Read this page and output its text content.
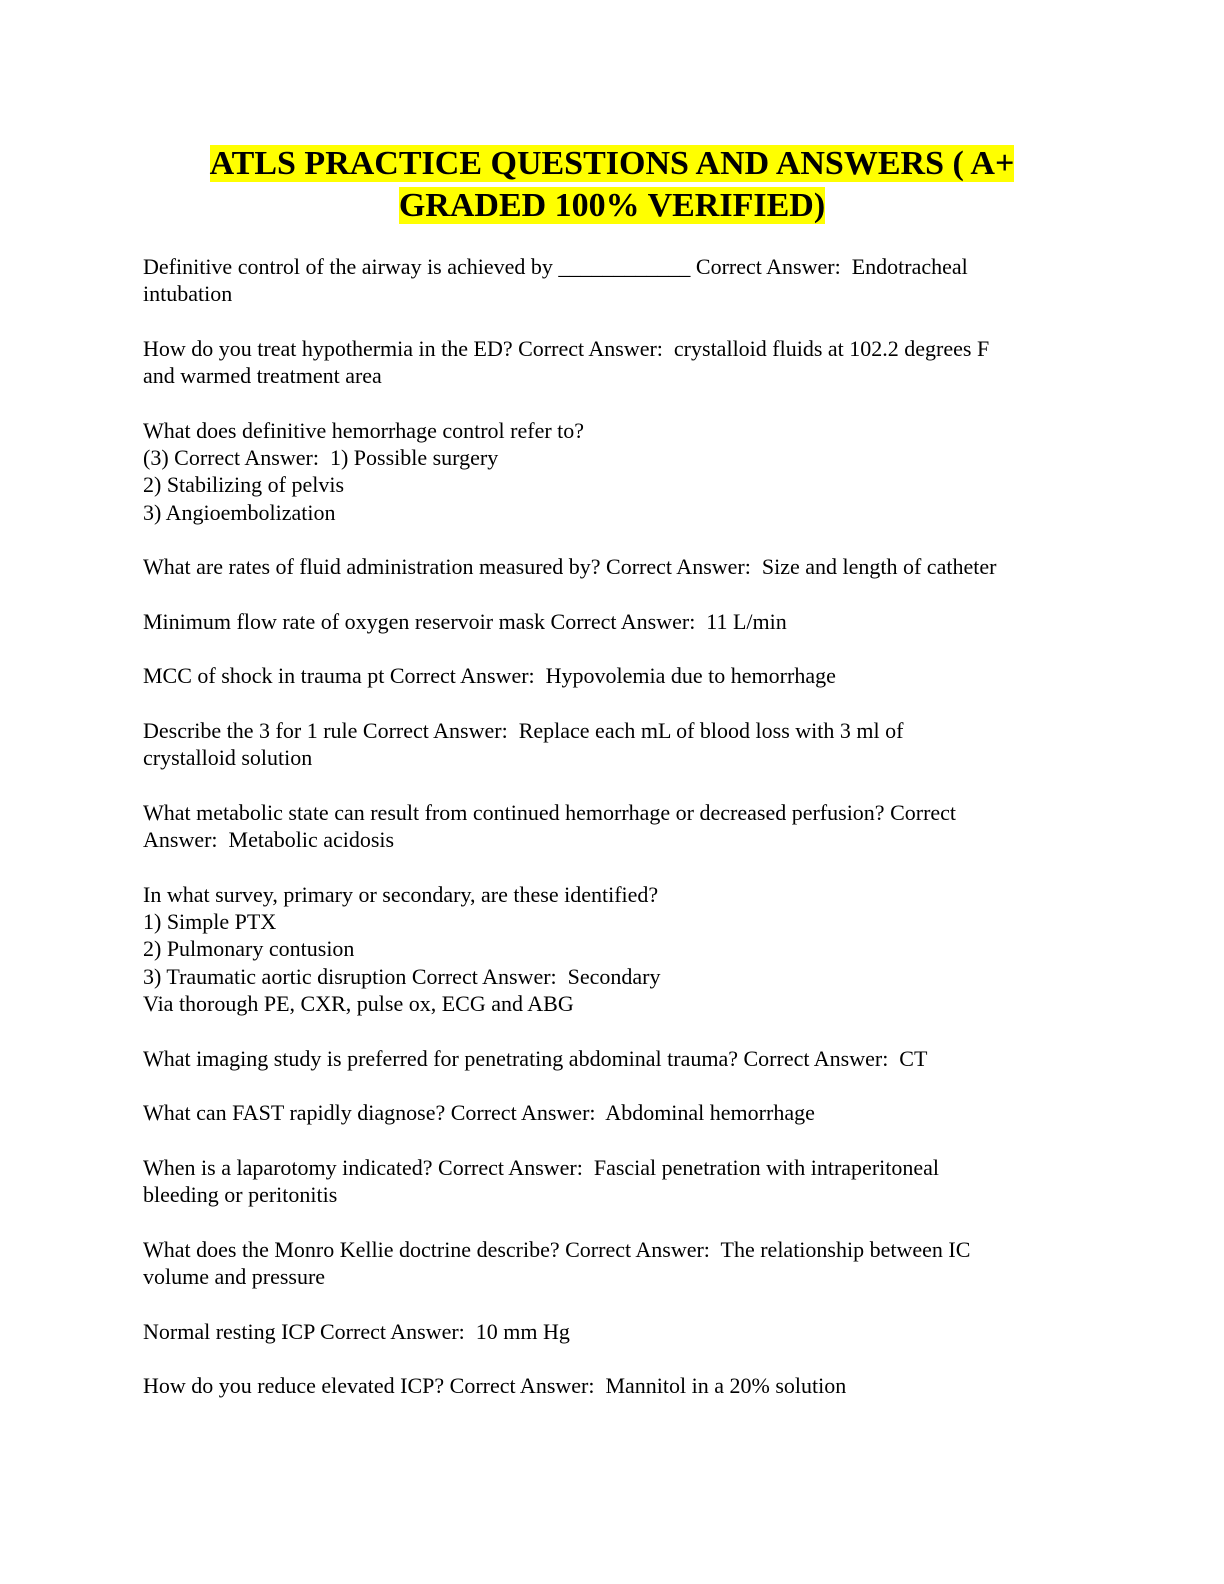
ATLS PRACTICE QUESTIONS AND ANSWERS ( A+
GRADED 100% VERIFIED)

Definitive control of the airway is achieved by ____________ Correct Answer:  Endotracheal
intubation

How do you treat hypothermia in the ED? Correct Answer:  crystalloid fluids at 102.2 degrees F
and warmed treatment area

What does definitive hemorrhage control refer to?
(3) Correct Answer:  1) Possible surgery
2) Stabilizing of pelvis
3) Angioembolization

What are rates of fluid administration measured by? Correct Answer:  Size and length of catheter

Minimum flow rate of oxygen reservoir mask Correct Answer:  11 L/min

MCC of shock in trauma pt Correct Answer:  Hypovolemia due to hemorrhage

Describe the 3 for 1 rule Correct Answer:  Replace each mL of blood loss with 3 ml of
crystalloid solution

What metabolic state can result from continued hemorrhage or decreased perfusion? Correct
Answer:  Metabolic acidosis

In what survey, primary or secondary, are these identified?
1) Simple PTX
2) Pulmonary contusion
3) Traumatic aortic disruption Correct Answer:  Secondary
Via thorough PE, CXR, pulse ox, ECG and ABG

What imaging study is preferred for penetrating abdominal trauma? Correct Answer:  CT

What can FAST rapidly diagnose? Correct Answer:  Abdominal hemorrhage

When is a laparotomy indicated? Correct Answer:  Fascial penetration with intraperitoneal
bleeding or peritonitis

What does the Monro Kellie doctrine describe? Correct Answer:  The relationship between IC
volume and pressure

Normal resting ICP Correct Answer:  10 mm Hg

How do you reduce elevated ICP? Correct Answer:  Mannitol in a 20% solution
